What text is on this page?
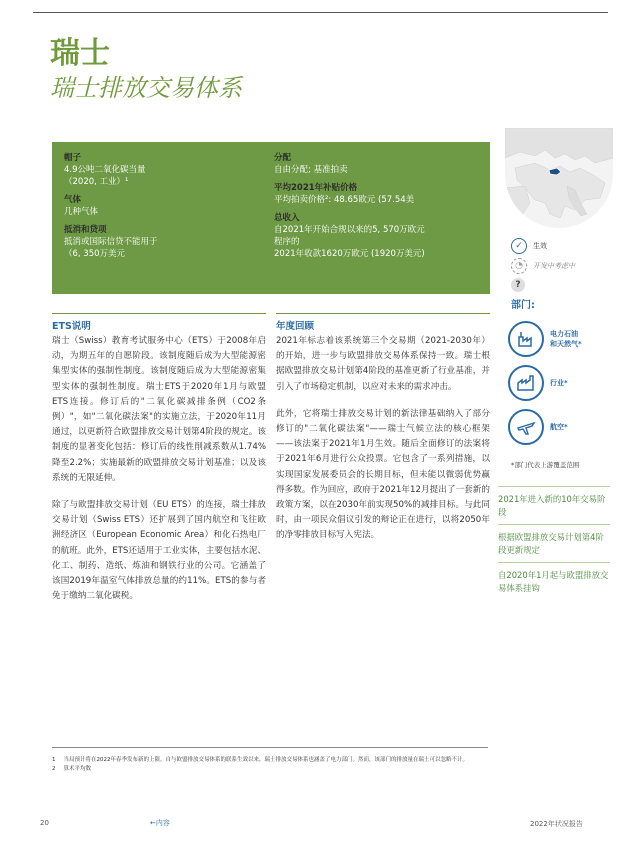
瑞士
瑞士排放交易体系
帽子
4.9公吨二氧化碳当量
（2020, 工业）¹
气体
几种气体
抵消和贷项
抵消或国际信贷不能用于
（6, 350万美元
分配
自由分配; 基准拍卖
平均2021年补贴价格
平均拍卖价格²: 48.65欧元 (57.54美
总收入
自2021年开始合规以来的5, 570万欧元
程序的
2021年收款1620万欧元 (1920万美元)
✓	生效
◔	开发中考虑中
?
部门:
电力石油
和天然气*
行业*
航空*
*部门代表上游覆盖范围
ETS说明
瑞士（Swiss）教育考试服务中心（ETS）于2008年启动，为期五年的自愿阶段。该制度随后成为大型能源密集型实体的强制性制度。该制度随后成为大型能源密集型实体的强制性制度。瑞士ETS于2020年1月与欧盟ETS连接。修订后的"二氧化碳减排条例（CO2条例）"，如"二氧化碳法案"的实施立法，于2020年11月通过，以更新符合欧盟排放交易计划第4阶段的规定。该制度的显著变化包括：修订后的线性削减系数从1.74%降至2.2%；实施最新的欧盟排放交易计划基准；以及该系统的无限延伸。
除了与欧盟排放交易计划（EU ETS）的连接，瑞士排放交易计划（Swiss ETS）还扩展到了国内航空和飞往欧洲经济区（European Economic Area）和化石热电厂的航班。此外，ETS还适用于工业实体，主要包括水泥、化工、制药、造纸、炼油和钢铁行业的公司。它涵盖了该国2019年温室气体排放总量的约11%。ETS的参与者免于缴纳二氧化碳税。
年度回顾
2021年标志着该系统第三个交易期（2021-2030年）的开始，进一步与欧盟排放交易体系保持一致。瑞士根据欧盟排放交易计划第4阶段的基准更新了行业基准，并引入了市场稳定机制，以应对未来的需求冲击。
此外，它将瑞士排放交易计划的新法律基础纳入了部分修订的"二氧化碳法案"——瑞士气候立法的核心框架——该法案于2021年1月生效。随后全面修订的法案将于2021年6月进行公众投票。它包含了一系列措施，以实现国家发展委员会的长期目标，但未能以微弱优势赢得多数。作为回应，政府于2021年12月提出了一套新的政策方案，以在2030年前实现50%的减排目标。与此同时，由一项民众倡议引发的辩论正在进行，以将2050年的净零排放目标写入宪法。
2021年进入新的10年交易阶段
根据欧盟排放交易计划第4阶段更新规定
自2020年1月起与欧盟排放交易体系挂钩
1 当局预计将在2022年春季发布新的上限。自与欧盟排放交易体系的联系生效以来，瑞士排放交易体系也涵盖了电力部门。然而，该部门的排放量在瑞士可以忽略不计。
2 算术平均数
20	←内容	2022年状况报告
